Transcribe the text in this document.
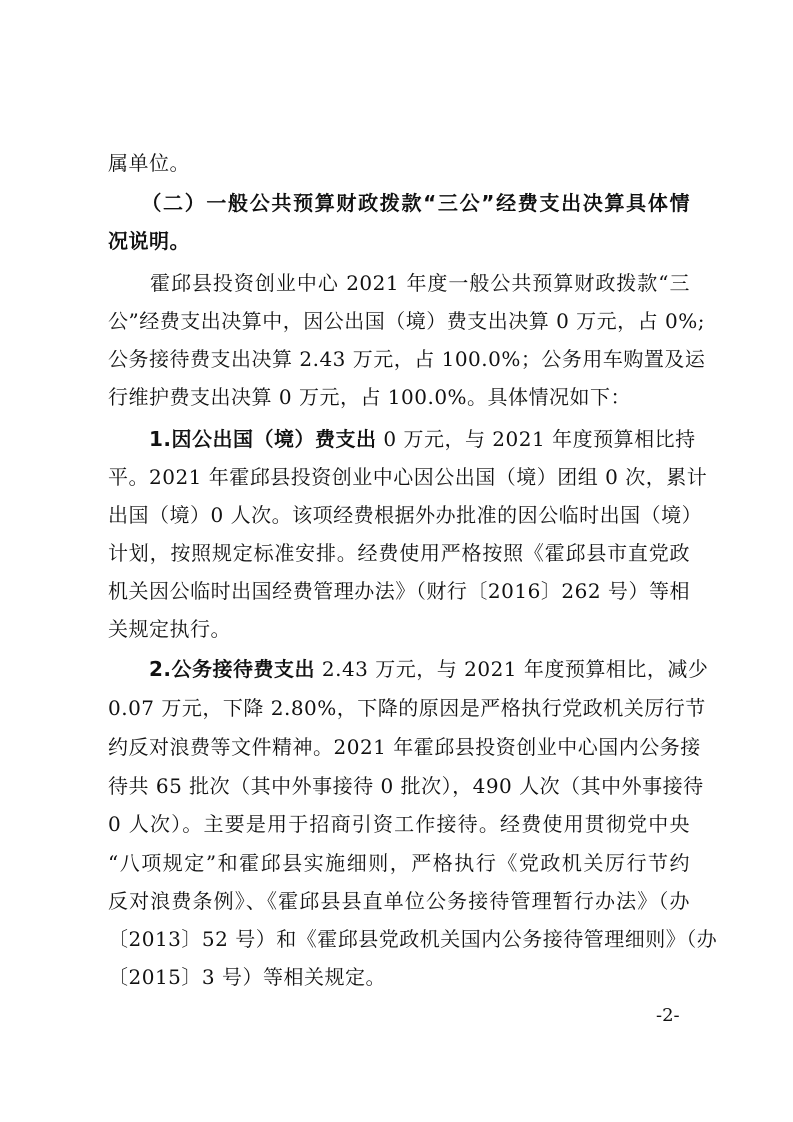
属单位。
　　（二）一般公共预算财政拨款“三公”经费支出决算具体情
况说明。
　　霍邱县投资创业中心 2021 年度一般公共预算财政拨款“三
公”经费支出决算中，因公出国（境）费支出决算 0 万元，占 0%;
公务接待费支出决算 2.43 万元，占 100.0%；公务用车购置及运
行维护费支出决算 0 万元，占 100.0%。具体情况如下：
　　1.因公出国（境）费支出 0 万元，与 2021 年度预算相比持
平。2021 年霍邱县投资创业中心因公出国（境）团组 0 次，累计
出国（境）0 人次。该项经费根据外办批准的因公临时出国（境）
计划，按照规定标准安排。经费使用严格按照《霍邱县市直党政
机关因公临时出国经费管理办法》（财行〔2016〕262 号）等相
关规定执行。
　　2.公务接待费支出 2.43 万元，与 2021 年度预算相比，减少
0.07 万元，下降 2.80%，下降的原因是严格执行党政机关厉行节
约反对浪费等文件精神。2021 年霍邱县投资创业中心国内公务接
待共 65 批次（其中外事接待 0 批次），490 人次（其中外事接待
0 人次）。主要是用于招商引资工作接待。经费使用贯彻党中央
“八项规定”和霍邱县实施细则，严格执行《党政机关厉行节约
反对浪费条例》、《霍邱县县直单位公务接待管理暂行办法》（办
〔2013〕52 号）和《霍邱县党政机关国内公务接待管理细则》（办
〔2015〕3 号）等相关规定。
-2-
